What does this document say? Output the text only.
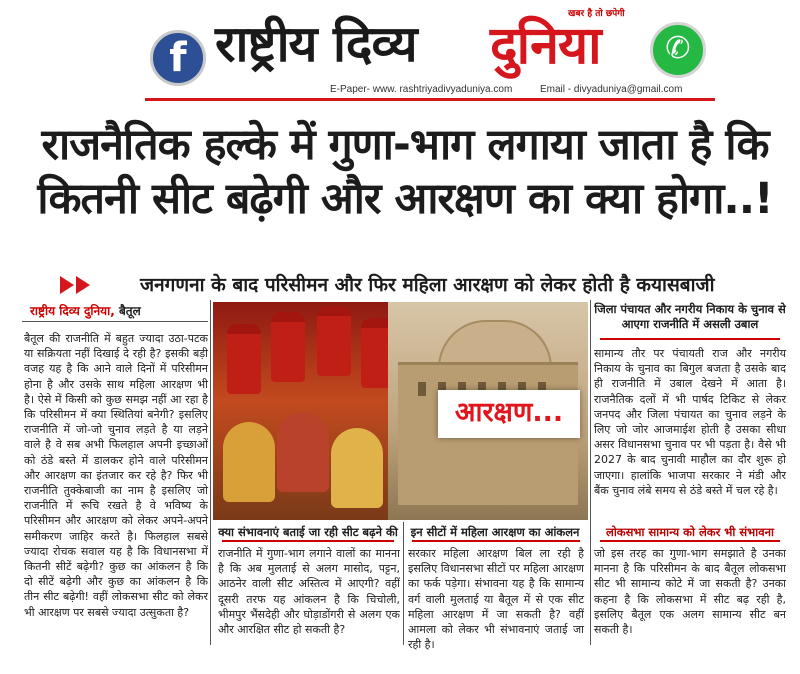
f राष्ट्रीय दिव्य दुनिया
खबर है तो छपेगी
✆
E-Paper- www. rashtriyadivyaduniya.com	Email - divyaduniya@gmail.com
राजनैतिक हल्के में गुणा-भाग लगाया जाता है कि
कितनी सीट बढ़ेगी और आरक्षण का क्या होगा..!
जनगणना के बाद परिसीमन और फिर महिला आरक्षण को लेकर होती है कयासबाजी
राष्ट्रीय दिव्य दुनिया, बैतूल
बैतूल की राजनीति में बहुत ज्यादा उठा-पटक या सक्रियता नहीं दिखाई दे रही है? इसकी बड़ी वजह यह है कि आने वाले दिनों में परिसीमन होना है और उसके साथ महिला आरक्षण भी है। ऐसे में किसी को कुछ समझ नहीं आ रहा है कि परिसीमन में क्या स्थितियां बनेगी? इसलिए राजनीति में जो-जो चुनाव लड़ते है या लड़ने वाले है वे सब अभी फिलहाल अपनी इच्छाओं को ठंडे बस्ते में डालकर होने वाले परिसीमन और आरक्षण का इंतजार कर रहे है? फिर भी राजनीति तुक्केबाजी का नाम है इसलिए जो राजनीति में रूचि रखते है वे भविष्य के परिसीमन और आरक्षण को लेकर अपने-अपने समीकरण जाहिर करते है। फिलहाल सबसे ज्यादा रोचक सवाल यह है कि विधानसभा में कितनी सीटें बढ़ेगी? कुछ का आंकलन है कि दो सीटें बढ़ेगी और कुछ का आंकलन है कि तीन सीट बढ़ेगी! वहीं लोकसभा सीट को लेकर भी आरक्षण पर सबसे ज्यादा उत्सुकता है?
आरक्षण...
जिला पंचायत और नगरीय निकाय के चुनाव से आएगा राजनीति में असली उबाल
सामान्य तौर पर पंचायती राज और नगरीय निकाय के चुनाव का बिगुल बजता है उसके बाद ही राजनीति में उबाल देखने में आता है। राजनैतिक दलों में भी पार्षद टिकिट से लेकर जनपद और जिला पंचायत का चुनाव लड़ने के लिए जो जोर आजमाईश होती है उसका सीधा असर विधानसभा चुनाव पर भी पड़ता है। वैसे भी 2027 के बाद चुनावी माहौल का दौर शुरू हो जाएगा। हालांकि भाजपा सरकार ने मंडी और बैंक चुनाव लंबे समय से ठंडे बस्ते में चल रहे है।
क्या संभावनाएं बताई जा रही सीट बढ़ने की
राजनीति में गुणा-भाग लगाने वालों का मानना है कि अब मुलताई से अलग मासोद, पट्टन, आठनेर वाली सीट अस्तित्व में आएगी? वहीं दूसरी तरफ यह आंकलन है कि चिचोली, भीमपुर भैंसदेही और घोड़ाडोंगरी से अलग एक और आरक्षित सीट हो सकती है?
इन सीटों में महिला आरक्षण का आंकलन
सरकार महिला आरक्षण बिल ला रही है इसलिए विधानसभा सीटों पर महिला आरक्षण का फर्क पड़ेगा। संभावना यह है कि सामान्य वर्ग वाली मुलताई या बैतूल में से एक सीट महिला आरक्षण में जा सकती है? वहीं आमला को लेकर भी संभावनाएं जताई जा रही है।
लोकसभा सामान्य को लेकर भी संभावना
जो इस तरह का गुणा-भाग समझाते है उनका मानना है कि परिसीमन के बाद बैतूल लोकसभा सीट भी सामान्य कोटे में जा सकती है? उनका कहना है कि लोकसभा में सीट बढ़ रही है, इसलिए बैतूल एक अलग सामान्य सीट बन सकती है।
